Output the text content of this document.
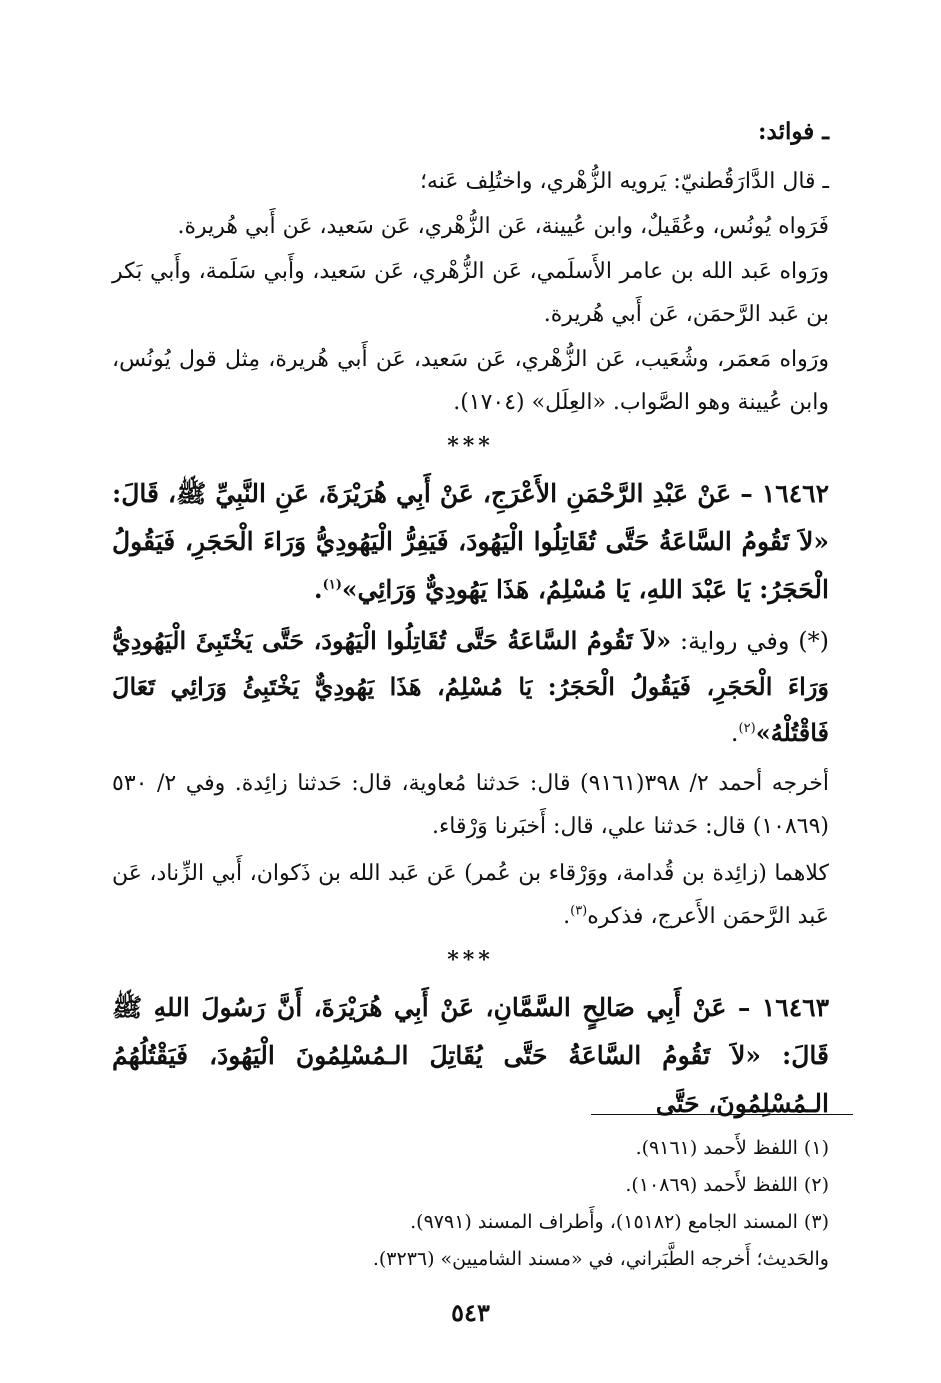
ـ فوائد:

ـ قال الدَّارَقُطنيّ: يَرويه الزُّهْري، واختُلِف عَنه؛

فَرَواه يُونُس، وعُقَيلٌ، وابن عُيينة، عَن الزُّهْري، عَن سَعيد، عَن أَبي هُريرة.

ورَواه عَبد الله بن عامر الأَسلَمي، عَن الزُّهْري، عَن سَعيد، وأَبي سَلَمة، وأَبي بَكر بن عَبد الرَّحمَن، عَن أَبي هُريرة.

ورَواه مَعمَر، وشُعَيب، عَن الزُّهْري، عَن سَعيد، عَن أَبي هُريرة، مِثل قول يُونُس، وابن عُيينة وهو الصَّواب. «العِلَل» (١٧٠٤).

***

١٦٤٦٢ – عَنْ عَبْدِ الرَّحْمَنِ الأَعْرَجِ، عَنْ أَبِي هُرَيْرَةَ، عَنِ النَّبِيِّ ﷺ، قَالَ: «لاَ تَقُومُ السَّاعَةُ حَتَّى تُقَاتِلُوا الْيَهُودَ، فَيَفِرُّ الْيَهُودِيُّ وَرَاءَ الْحَجَرِ، فَيَقُولُ الْحَجَرُ: يَا عَبْدَ اللهِ، يَا مُسْلِمُ، هَذَا يَهُودِيٌّ وَرَائِي»$^{(١)}$.

(*) وفي رواية: «لاَ تَقُومُ السَّاعَةُ حَتَّى تُقَاتِلُوا الْيَهُودَ، حَتَّى يَخْتَبِئَ الْيَهُودِيُّ وَرَاءَ الْحَجَرِ، فَيَقُولُ الْحَجَرُ: يَا مُسْلِمُ، هَذَا يَهُودِيٌّ يَخْتَبِئُ وَرَائِي تَعَالَ فَاقْتُلْهُ»$^{(٢)}$.

أخرجه أحمد ٢/ ٣٩٨(٩١٦١) قال: حَدثنا مُعاوية، قال: حَدثنا زائِدة. وفي ٢/ ٥٣٠ (١٠٨٦٩) قال: حَدثنا علي، قال: أَخبَرنا وَرْقاء.

كلاهما (زائِدة بن قُدامة، ووَرْقاء بن عُمر) عَن عَبد الله بن ذَكوان، أَبي الزِّناد، عَن عَبد الرَّحمَن الأَعرج، فذكره$^{(٣)}$.

***

١٦٤٦٣ – عَنْ أَبِي صَالِحٍ السَّمَّانِ، عَنْ أَبِي هُرَيْرَةَ، أَنَّ رَسُولَ اللهِ ﷺ قَالَ: «لاَ تَقُومُ السَّاعَةُ حَتَّى يُقَاتِلَ الـمُسْلِمُونَ الْيَهُودَ، فَيَقْتُلُهُمُ الـمُسْلِمُونَ، حَتَّى

(١) اللفظ لأَحمد (٩١٦١).

(٢) اللفظ لأَحمد (١٠٨٦٩).

(٣) المسند الجامع (١٥١٨٢)، وأَطراف المسند (٩٧٩١).

والحَديث؛ أَخرجه الطَّبَراني، في «مسند الشاميين» (٣٢٣٦).

٥٤٣
